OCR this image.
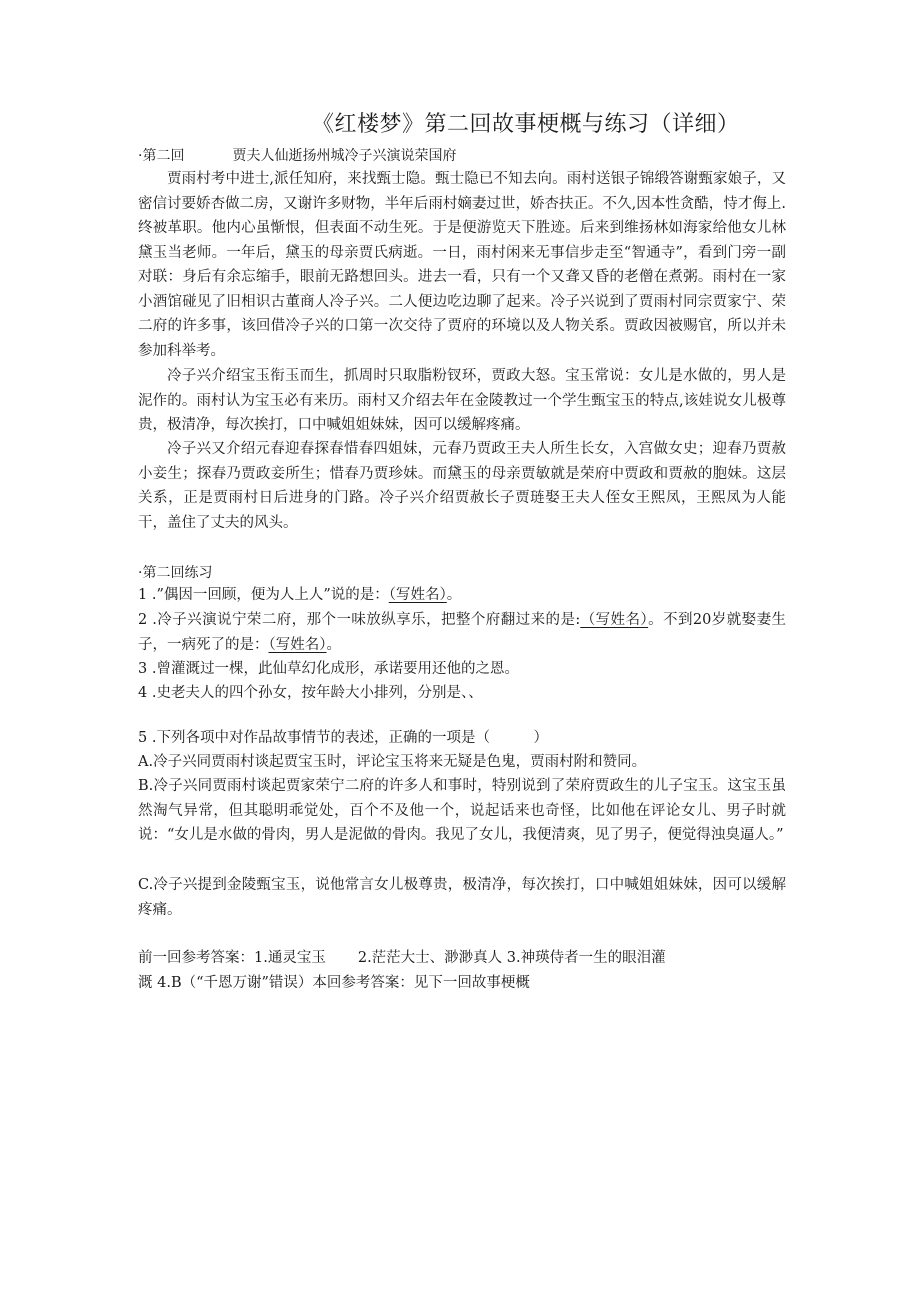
《红楼梦》第二回故事梗概与练习（详细）
·第二回	贾夫人仙逝扬州城冷子兴演说荣国府

贾雨村考中进士,派任知府，来找甄士隐。甄士隐已不知去向。雨村送银子锦缎答谢甄家娘子，又密信讨要娇杏做二房，又谢许多财物，半年后雨村嫡妻过世，娇杏扶正。不久,因本性贪酷，恃才侮上.终被革职。他内心虽惭恨，但表面不动生死。于是便游览天下胜迹。后来到维扬林如海家给他女儿林黛玉当老师。一年后，黛玉的母亲贾氏病逝。一日，雨村闲来无事信步走至“智通寺”，看到门旁一副对联：身后有余忘缩手，眼前无路想回头。进去一看，只有一个又聋又昏的老僧在煮粥。雨村在一家小酒馆碰见了旧相识古董商人冷子兴。二人便边吃边聊了起来。冷子兴说到了贾雨村同宗贾家宁、荣二府的许多事，该回借冷子兴的口第一次交待了贾府的环境以及人物关系。贾政因被赐官，所以并未参加科举考。

冷子兴介绍宝玉衔玉而生，抓周时只取脂粉钗环，贾政大怒。宝玉常说：女儿是水做的，男人是泥作的。雨村认为宝玉必有来历。雨村又介绍去年在金陵教过一个学生甄宝玉的特点,该娃说女儿极尊贵，极清净，每次挨打，口中喊姐姐妹妹，因可以缓解疼痛。

冷子兴又介绍元春迎春探春惜春四姐妹，元春乃贾政王夫人所生长女，入宫做女史；迎春乃贾赦小妾生；探春乃贾政妾所生；惜春乃贾珍妹。而黛玉的母亲贾敏就是荣府中贾政和贾赦的胞妹。这层关系，正是贾雨村日后进身的门路。冷子兴介绍贾赦长子贾琏娶王夫人侄女王熙凤，王熙凤为人能干，盖住了丈夫的风头。

·第二回练习

1 .”偶因一回顾，便为人上人”说的是：（写姓名）。

2 .冷子兴演说宁荣二府，那个一味放纵享乐，把整个府翻过来的是:（写姓名）。不到20岁就娶妻生子，一病死了的是：（写姓名）。

3 .曾灌溉过一棵，此仙草幻化成形，承诺要用还他的之恩。

4 .史老夫人的四个孙女，按年龄大小排列，分别是、、

5 .下列各项中对作品故事情节的表述，正确的一项是（　　　）

A.冷子兴同贾雨村谈起贾宝玉时，评论宝玉将来无疑是色鬼，贾雨村附和赞同。

B.冷子兴同贾雨村谈起贾家荣宁二府的许多人和事时，特别说到了荣府贾政生的儿子宝玉。这宝玉虽然淘气异常，但其聪明乖觉处，百个不及他一个，说起话来也奇怪，比如他在评论女儿、男子时就说：“女儿是水做的骨肉，男人是泥做的骨肉。我见了女儿，我便清爽，见了男子，便觉得浊臭逼人。”

C.冷子兴提到金陵甄宝玉，说他常言女儿极尊贵，极清净，每次挨打，口中喊姐姐妹妹，因可以缓解疼痛。

前一回参考答案：1.通灵宝玉 2.茫茫大士、渺渺真人 3.神瑛侍者一生的眼泪灌
溉 4.B（“千恩万谢”错误）本回参考答案：见下一回故事梗概
